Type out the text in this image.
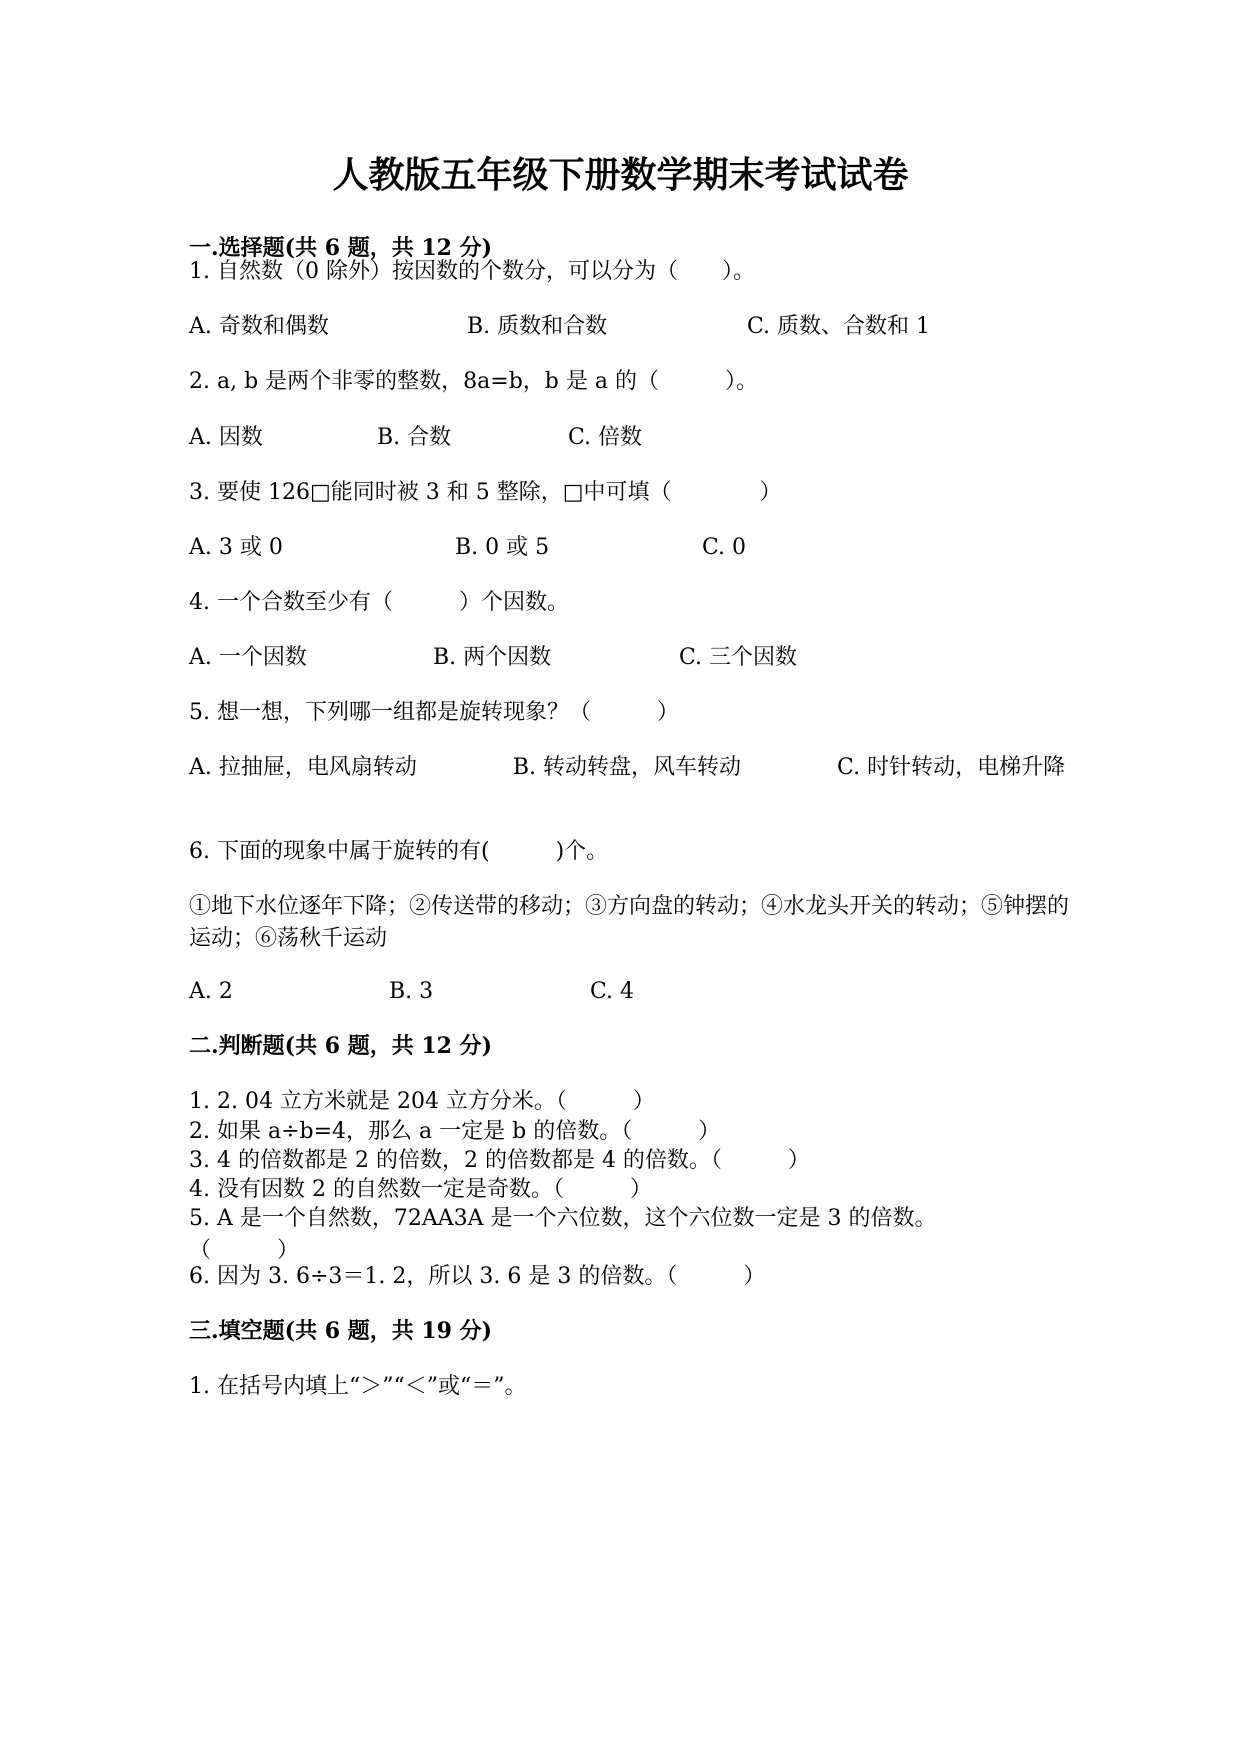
人教版五年级下册数学期末考试试卷
一.选择题(共 6 题，共 12 分)
1. 自然数（0 除外）按因数的个数分，可以分为（　　）。
A. 奇数和偶数	B. 质数和合数	C. 质数、合数和 1
2. a, b 是两个非零的整数，8a=b，b 是 a 的（　　　）。
A. 因数	B. 合数	C. 倍数
3. 要使 126□能同时被 3 和 5 整除，□中可填（　　　　）
A. 3 或 0	B. 0 或 5	C. 0
4. 一个合数至少有（　　　）个因数。
A. 一个因数	B. 两个因数	C. 三个因数
5. 想一想，下列哪一组都是旋转现象？（　　　）
A. 拉抽屉，电风扇转动	B. 转动转盘，风车转动	C. 时针转动，电梯升降
6. 下面的现象中属于旋转的有(　　　)个。
①地下水位逐年下降；②传送带的移动；③方向盘的转动；④水龙头开关的转动；⑤钟摆的运动；⑥荡秋千运动
A. 2	B. 3	C. 4
二.判断题(共 6 题，共 12 分)
1. 2. 04 立方米就是 204 立方分米。（　　　）
2. 如果 a÷b=4，那么 a 一定是 b 的倍数。（　　　）
3. 4 的倍数都是 2 的倍数，2 的倍数都是 4 的倍数。（　　　）
4. 没有因数 2 的自然数一定是奇数。（　　　）
5. A 是一个自然数，72AA3A 是一个六位数，这个六位数一定是 3 的倍数。（　　　）
6. 因为 3. 6÷3＝1. 2，所以 3. 6 是 3 的倍数。（　　　）
三.填空题(共 6 题，共 19 分)
1. 在括号内填上“＞”“＜”或“＝”。
